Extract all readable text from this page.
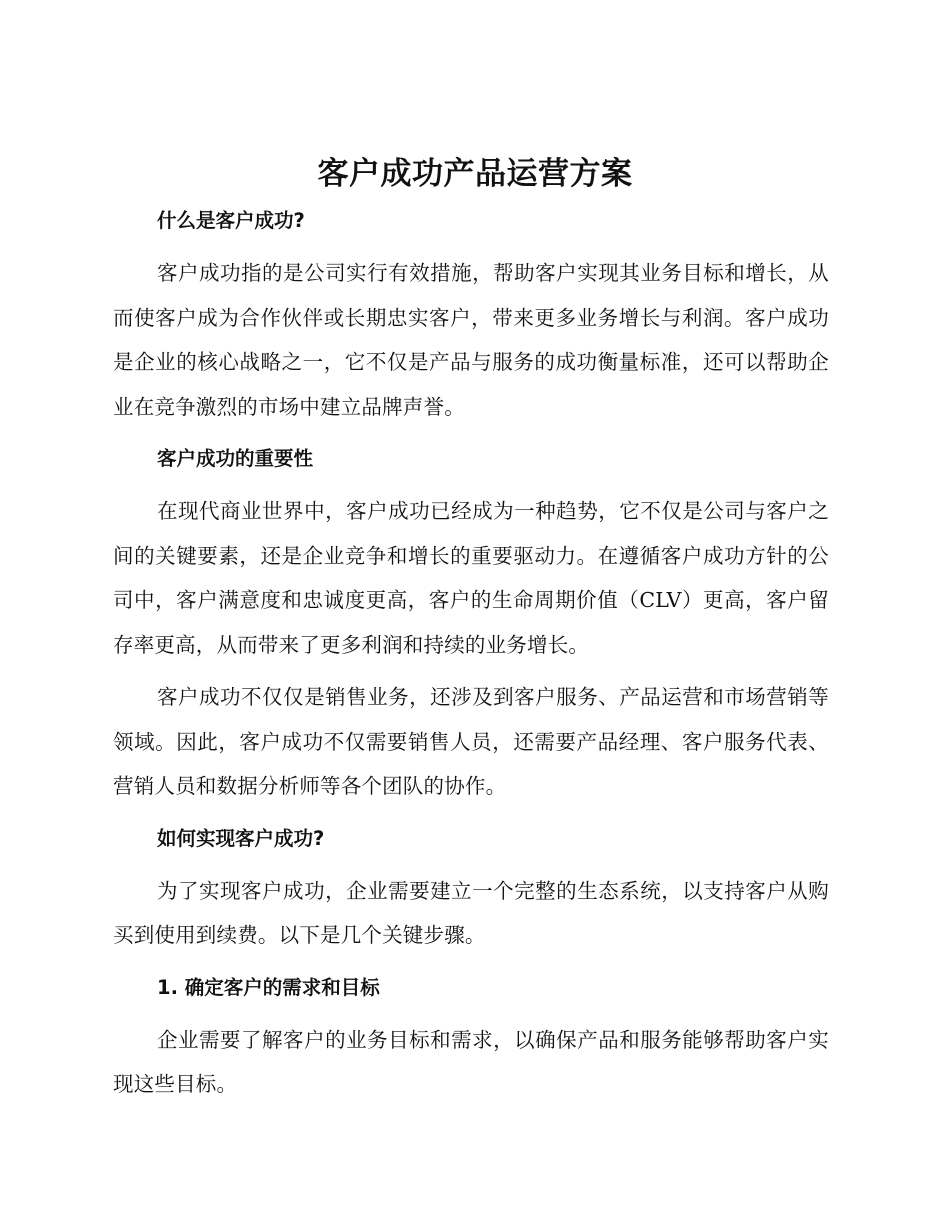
客户成功产品运营方案
什么是客户成功?

客户成功指的是公司实行有效措施，帮助客户实现其业务目标和增长，从而使客户成为合作伙伴或长期忠实客户，带来更多业务增长与利润。客户成功是企业的核心战略之一，它不仅是产品与服务的成功衡量标准，还可以帮助企业在竞争激烈的市场中建立品牌声誉。

客户成功的重要性

在现代商业世界中，客户成功已经成为一种趋势，它不仅是公司与客户之间的关键要素，还是企业竞争和增长的重要驱动力。在遵循客户成功方针的公司中，客户满意度和忠诚度更高，客户的生命周期价值（CLV）更高，客户留存率更高，从而带来了更多利润和持续的业务增长。

客户成功不仅仅是销售业务，还涉及到客户服务、产品运营和市场营销等领域。因此，客户成功不仅需要销售人员，还需要产品经理、客户服务代表、营销人员和数据分析师等各个团队的协作。

如何实现客户成功?

为了实现客户成功，企业需要建立一个完整的生态系统，以支持客户从购买到使用到续费。以下是几个关键步骤。

1. 确定客户的需求和目标

企业需要了解客户的业务目标和需求，以确保产品和服务能够帮助客户实现这些目标。
